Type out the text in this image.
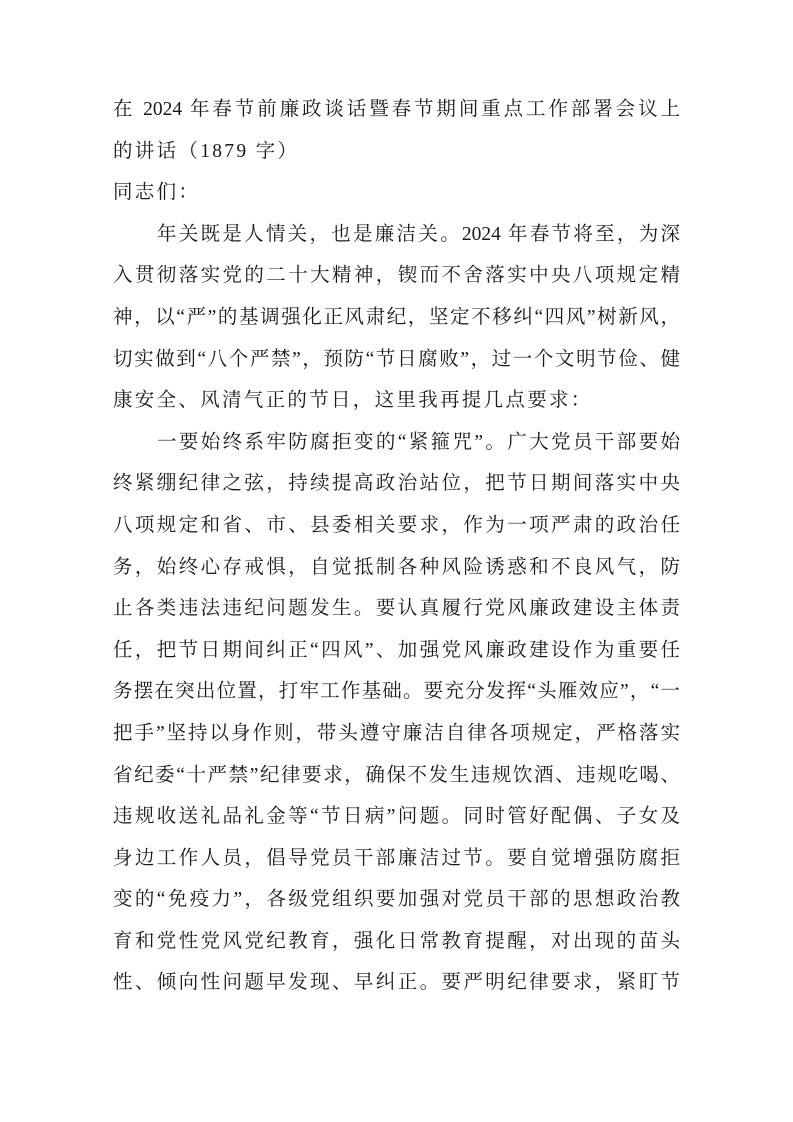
在 2024 年春节前廉政谈话暨春节期间重点工作部署会议上
的讲话（1879 字）
同志们：
年关既是人情关，也是廉洁关。2024 年春节将至，为深
入贯彻落实党的二十大精神，锲而不舍落实中央八项规定精
神，以“严”的基调强化正风肃纪，坚定不移纠“四风”树新风，
切实做到“八个严禁”，预防“节日腐败”，过一个文明节俭、健
康安全、风清气正的节日，这里我再提几点要求：
一要始终系牢防腐拒变的“紧箍咒”。广大党员干部要始
终紧绷纪律之弦，持续提高政治站位，把节日期间落实中央
八项规定和省、市、县委相关要求，作为一项严肃的政治任
务，始终心存戒惧，自觉抵制各种风险诱惑和不良风气，防
止各类违法违纪问题发生。要认真履行党风廉政建设主体责
任，把节日期间纠正“四风”、加强党风廉政建设作为重要任
务摆在突出位置，打牢工作基础。要充分发挥“头雁效应”，“一
把手”坚持以身作则，带头遵守廉洁自律各项规定，严格落实
省纪委“十严禁”纪律要求，确保不发生违规饮酒、违规吃喝、
违规收送礼品礼金等“节日病”问题。同时管好配偶、子女及
身边工作人员，倡导党员干部廉洁过节。要自觉增强防腐拒
变的“免疫力”，各级党组织要加强对党员干部的思想政治教
育和党性党风党纪教育，强化日常教育提醒，对出现的苗头
性、倾向性问题早发现、早纠正。要严明纪律要求，紧盯节
